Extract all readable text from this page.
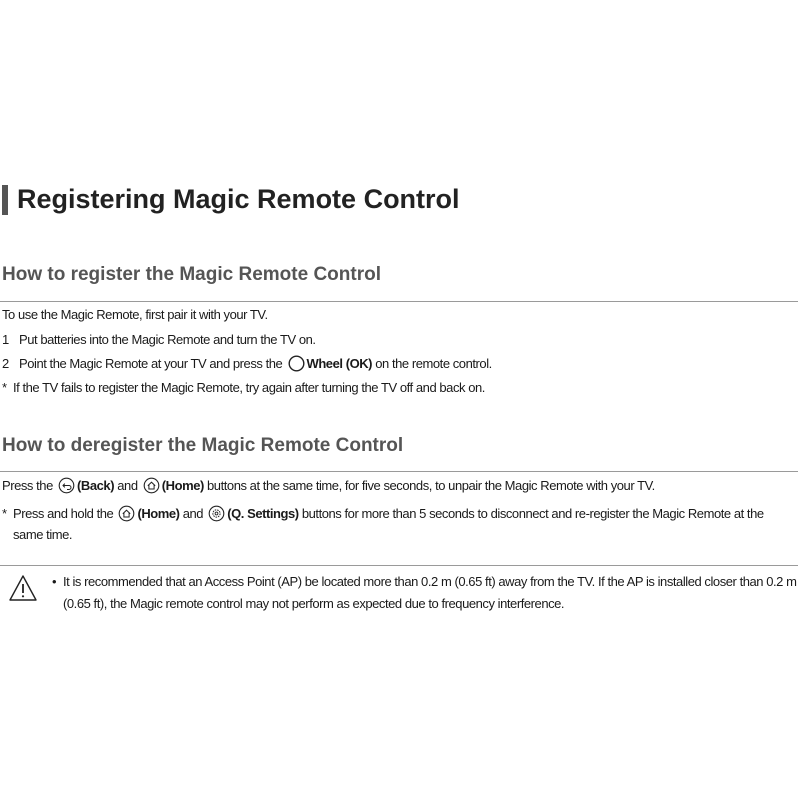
Registering Magic Remote Control
How to register the Magic Remote Control
To use the Magic Remote, first pair it with your TV.
1 Put batteries into the Magic Remote and turn the TV on.
2 Point the Magic Remote at your TV and press the Wheel (OK) on the remote control.
* If the TV fails to register the Magic Remote, try again after turning the TV off and back on.
How to deregister the Magic Remote Control
Press the (Back) and (Home) buttons at the same time, for five seconds, to unpair the Magic Remote with your TV.
* Press and hold the (Home) and (Q. Settings) buttons for more than 5 seconds to disconnect and re-register the Magic Remote at the
same time.
• It is recommended that an Access Point (AP) be located more than 0.2 m (0.65 ft) away from the TV. If the AP is installed closer than 0.2 m (0.65 ft), the Magic remote control may not perform as expected due to frequency interference.
